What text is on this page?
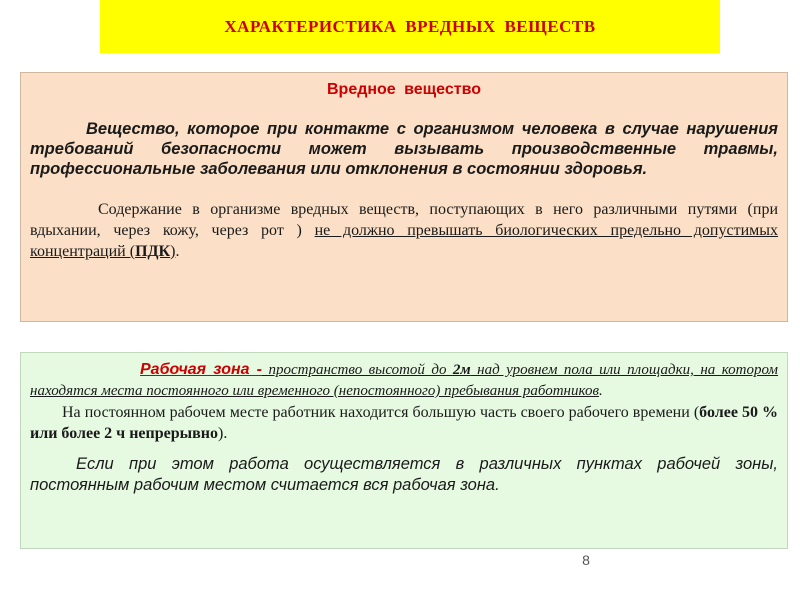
ХАРАКТЕРИСТИКА ВРЕДНЫХ ВЕЩЕСТВ
Вредное вещество

Вещество, которое при контакте с организмом человека в случае нарушения требований безопасности может вызывать производственные травмы, профессиональные заболевания или отклонения в состоянии здоровья.

Содержание в организме вредных веществ, поступающих в него различными путями (при вдыхании, через кожу, через рот ) не должно превышать биологических предельно допустимых концентраций (ПДК).

Рабочая зона - пространство высотой до 2м над уровнем пола или площадки, на котором находятся места постоянного или временного (непостоянного) пребывания работников.

На постоянном рабочем месте работник находится большую часть своего рабочего времени (более 50 % или более 2 ч непрерывно).

Если при этом работа осуществляется в различных пунктах рабочей зоны, постоянным рабочим местом считается вся рабочая зона.

8
